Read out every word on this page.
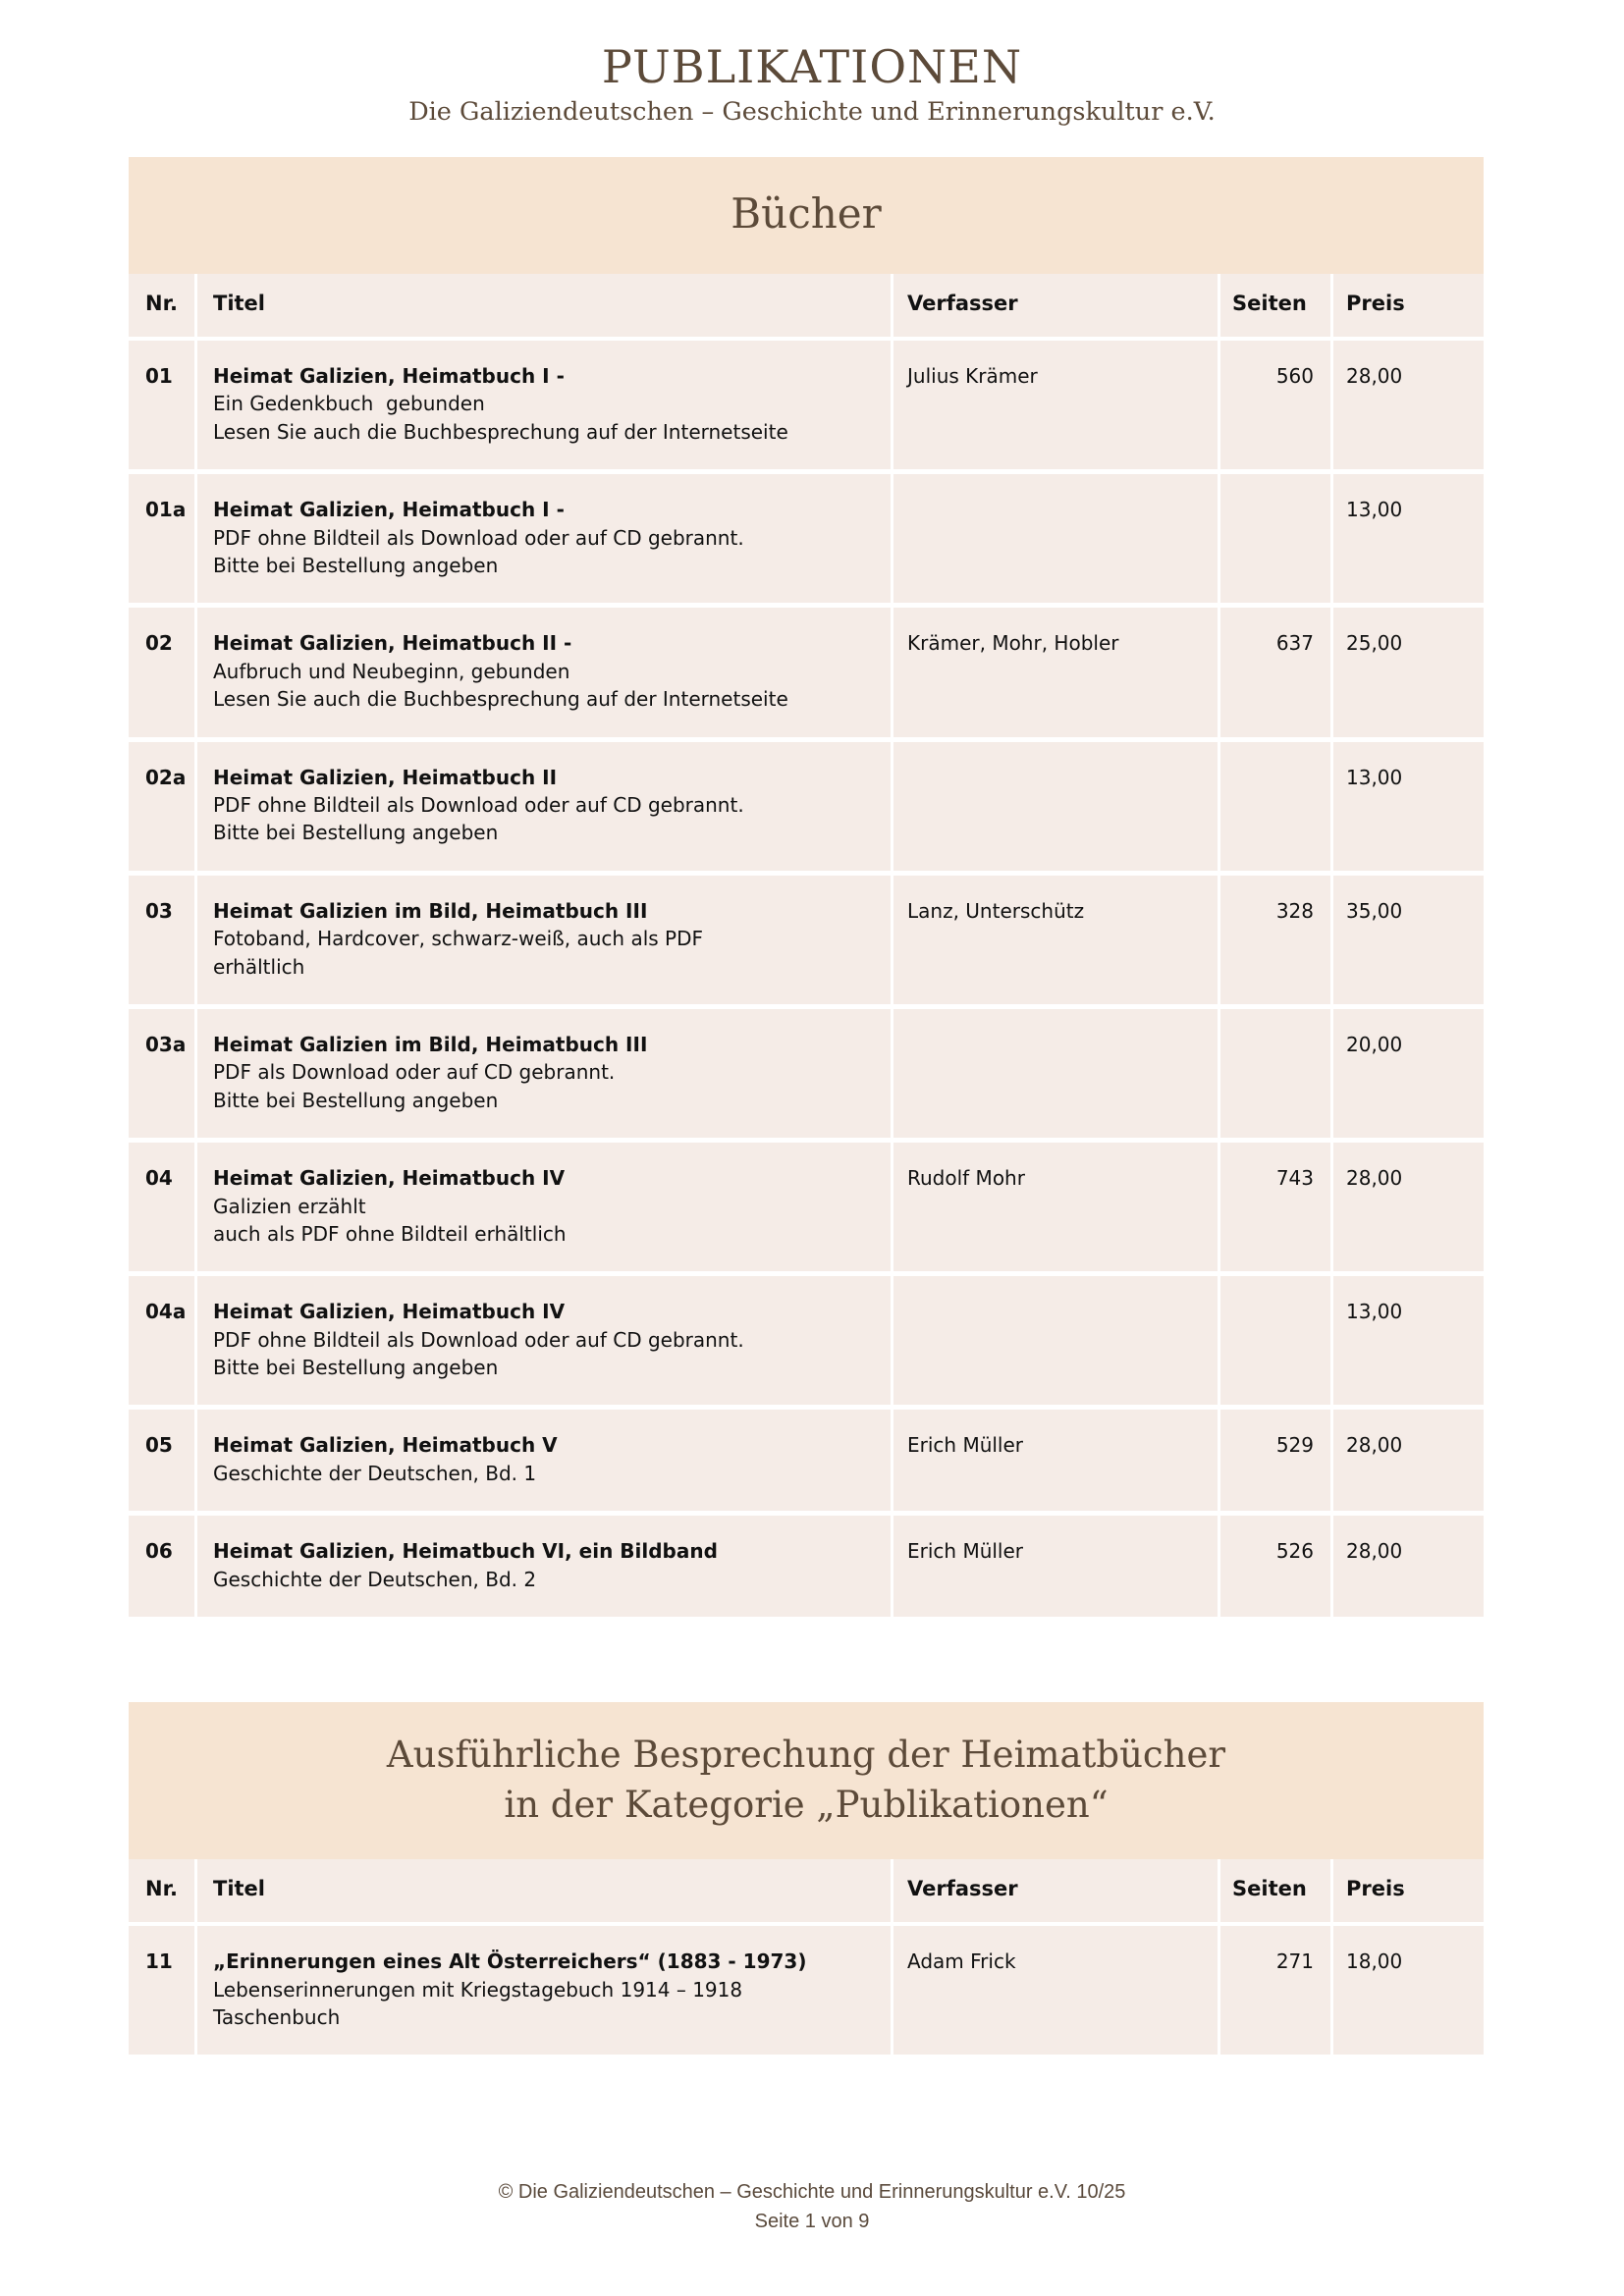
PUBLIKATIONEN
Die Galiziendeutschen – Geschichte und Erinnerungskultur e.V.
Bücher
Nr.	Titel	Verfasser	Seiten	Preis
01	Heimat Galizien, Heimatbuch I -
Ein Gedenkbuch  gebunden
Lesen Sie auch die Buchbesprechung auf der Internetseite	Julius Krämer	560	28,00
01a	Heimat Galizien, Heimatbuch I -
PDF ohne Bildteil als Download oder auf CD gebrannt.
Bitte bei Bestellung angeben			13,00
02	Heimat Galizien, Heimatbuch II -
Aufbruch und Neubeginn, gebunden
Lesen Sie auch die Buchbesprechung auf der Internetseite	Krämer, Mohr, Hobler	637	25,00
02a	Heimat Galizien, Heimatbuch II
PDF ohne Bildteil als Download oder auf CD gebrannt.
Bitte bei Bestellung angeben			13,00
03	Heimat Galizien im Bild, Heimatbuch III
Fotoband, Hardcover, schwarz-weiß, auch als PDF
erhältlich	Lanz, Unterschütz	328	35,00
03a	Heimat Galizien im Bild, Heimatbuch III
PDF als Download oder auf CD gebrannt.
Bitte bei Bestellung angeben			20,00
04	Heimat Galizien, Heimatbuch IV
Galizien erzählt
auch als PDF ohne Bildteil erhältlich	Rudolf Mohr	743	28,00
04a	Heimat Galizien, Heimatbuch IV
PDF ohne Bildteil als Download oder auf CD gebrannt.
Bitte bei Bestellung angeben			13,00
05	Heimat Galizien, Heimatbuch V
Geschichte der Deutschen, Bd. 1	Erich Müller	529	28,00
06	Heimat Galizien, Heimatbuch VI, ein Bildband
Geschichte der Deutschen, Bd. 2	Erich Müller	526	28,00
Ausführliche Besprechung der Heimatbücher
in der Kategorie „Publikationen“
Nr.	Titel	Verfasser	Seiten	Preis
11	„Erinnerungen eines Alt Österreichers“ (1883 - 1973)
Lebenserinnerungen mit Kriegstagebuch 1914 – 1918
Taschenbuch	Adam Frick	271	18,00
© Die Galiziendeutschen – Geschichte und Erinnerungskultur e.V. 10/25
Seite 1 von 9
